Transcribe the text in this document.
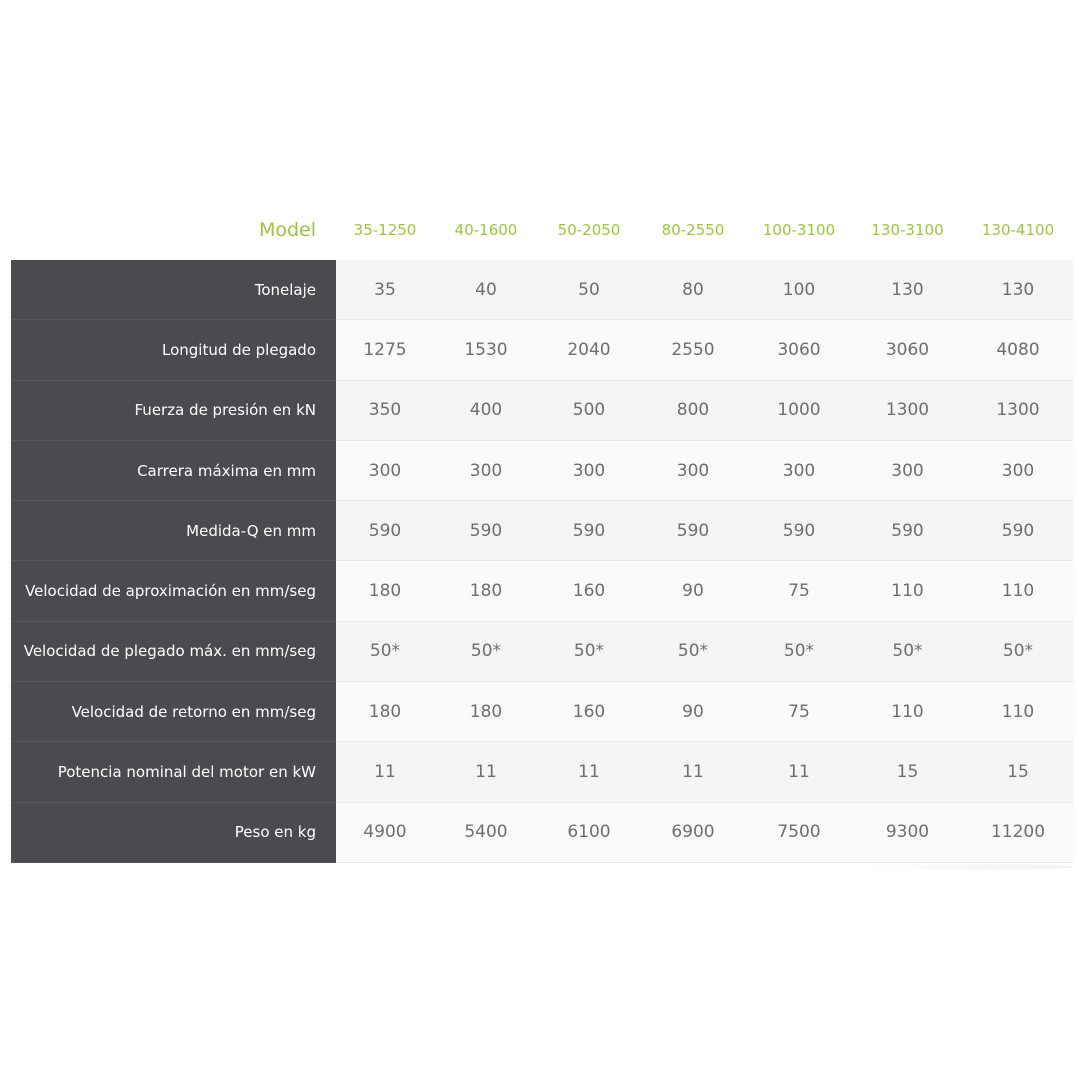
Model	35-1250	40-1600	50-2050	80-2550	100-3100	130-3100	130-4100
Tonelaje	35	40	50	80	100	130	130
Longitud de plegado	1275	1530	2040	2550	3060	3060	4080
Fuerza de presión en kN	350	400	500	800	1000	1300	1300
Carrera máxima en mm	300	300	300	300	300	300	300
Medida-Q en mm	590	590	590	590	590	590	590
Velocidad de aproximación en mm/seg	180	180	160	90	75	110	110
Velocidad de plegado máx. en mm/seg	50*	50*	50*	50*	50*	50*	50*
Velocidad de retorno en mm/seg	180	180	160	90	75	110	110
Potencia nominal del motor en kW	11	11	11	11	11	15	15
Peso en kg	4900	5400	6100	6900	7500	9300	11200
